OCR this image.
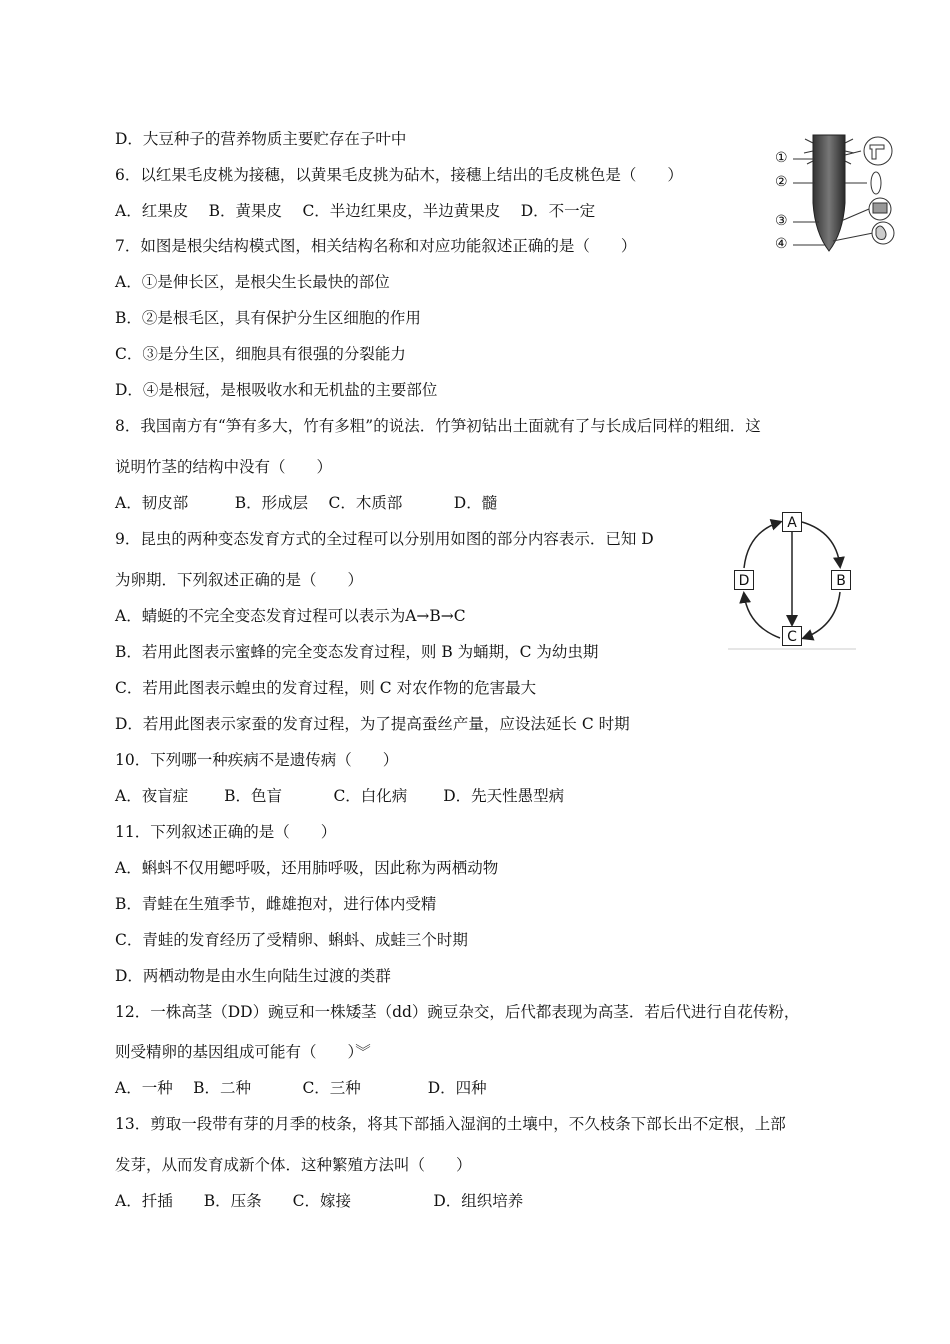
D．大豆种子的营养物质主要贮存在子叶中
6．以红果毛皮桃为接穗，以黄果毛皮挑为砧木，接穗上结出的毛皮桃色是（　　）
A．红果皮　 B．黄果皮　 C．半边红果皮，半边黄果皮　 D．不一定
7．如图是根尖结构模式图，相关结构名称和对应功能叙述正确的是（　　）
A．①是伸长区，是根尖生长最快的部位
B．②是根毛区，具有保护分生区细胞的作用
C．③是分生区，细胞具有很强的分裂能力
D．④是根冠，是根吸收水和无机盐的主要部位
8．我国南方有“笋有多大，竹有多粗”的说法．竹笋初钻出土面就有了与长成后同样的粗细．这
说明竹茎的结构中没有（　　）
A．韧皮部　　　B．形成层　 C．木质部　　　 D．髓
9．昆虫的两种变态发育方式的全过程可以分别用如图的部分内容表示．已知 D
为卵期．下列叙述正确的是（　　）
A．蜻蜓的不完全变态发育过程可以表示为A→B→C
B．若用此图表示蜜蜂的完全变态发育过程，则 B 为蛹期，C 为幼虫期
C．若用此图表示蝗虫的发育过程，则 C 对农作物的危害最大
D．若用此图表示家蚕的发育过程，为了提高蚕丝产量，应设法延长 C 时期
10．下列哪一种疾病不是遗传病（　　）
A．夜盲症　　 B．色盲　　　 C．白化病　　 D．先天性愚型病
11．下列叙述正确的是（　　）
A．蝌蚪不仅用鳃呼吸，还用肺呼吸，因此称为两栖动物
B．青蛙在生殖季节，雌雄抱对，进行体内受精
C．青蛙的发育经历了受精卵、蝌蚪、成蛙三个时期
D．两栖动物是由水生向陆生过渡的类群
12．一株高茎（DD）豌豆和一株矮茎（dd）豌豆杂交，后代都表现为高茎．若后代进行自花传粉，
则受精卵的基因组成可能有（　　）︾
A．一种　 B．二种　　　 C．三种　　　　 D．四种
13．剪取一段带有芽的月季的枝条，将其下部插入湿润的土壤中，不久枝条下部长出不定根，上部
发芽，从而发育成新个体．这种繁殖方法叫（　　）
A．扦插　　B．压条　　C．嫁接　　　　　 D．组织培养
①
②
③
④
A
B
C
D
